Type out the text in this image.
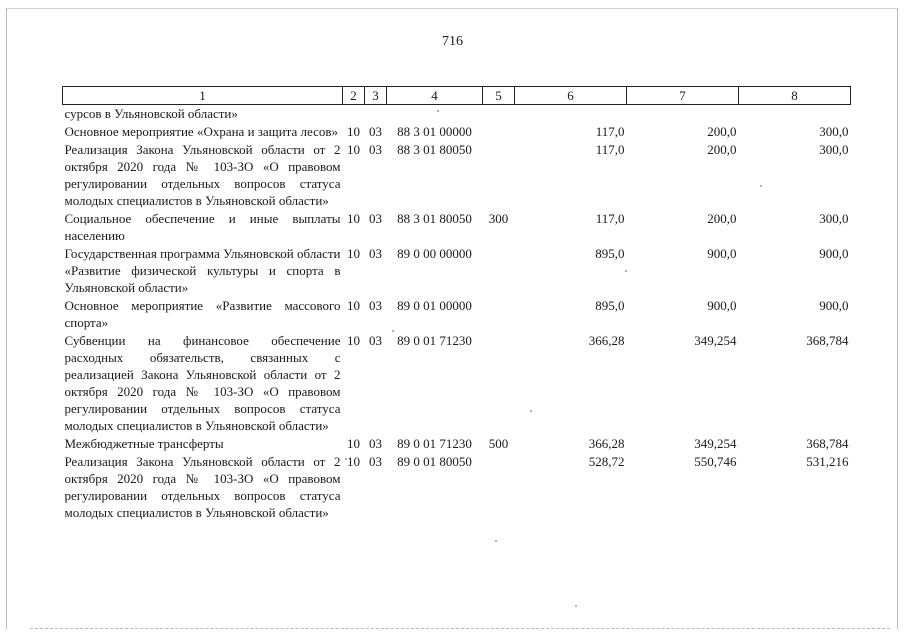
716
1	2	3	4	5	6	7	8
сурсов в Ульяновской области»							
Основное мероприятие «Охрана и защита лесов»	10	03	88 3 01 00000		117,0	200,0	300,0
Реализация Закона Ульяновской области от 2 октября 2020 года № 103-ЗО «О правовом регулировании отдельных вопросов статуса молодых специалистов в Ульяновской области»	10	03	88 3 01 80050		117,0	200,0	300,0
Социальное обеспечение и иные выплаты населению	10	03	88 3 01 80050	300	117,0	200,0	300,0
Государственная программа Ульяновской области «Развитие физической культуры и спорта в Ульяновской области»	10	03	89 0 00 00000		895,0	900,0	900,0
Основное мероприятие «Развитие массового спорта»	10	03	89 0 01 00000		895,0	900,0	900,0
Субвенции на финансовое обеспечение расходных обязательств, связанных с реализацией Закона Ульяновской области от 2 октября 2020 года № 103-ЗО «О правовом регулировании отдельных вопросов статуса молодых специалистов в Ульяновской области»	10	03	89 0 01 71230		366,28	349,254	368,784
Межбюджетные трансферты	10	03	89 0 01 71230	500	366,28	349,254	368,784
Реализация Закона Ульяновской области от 2 октября 2020 года № 103-ЗО «О правовом регулировании отдельных вопросов статуса молодых специалистов в Ульяновской области»	10	03	89 0 01 80050		528,72	550,746	531,216
